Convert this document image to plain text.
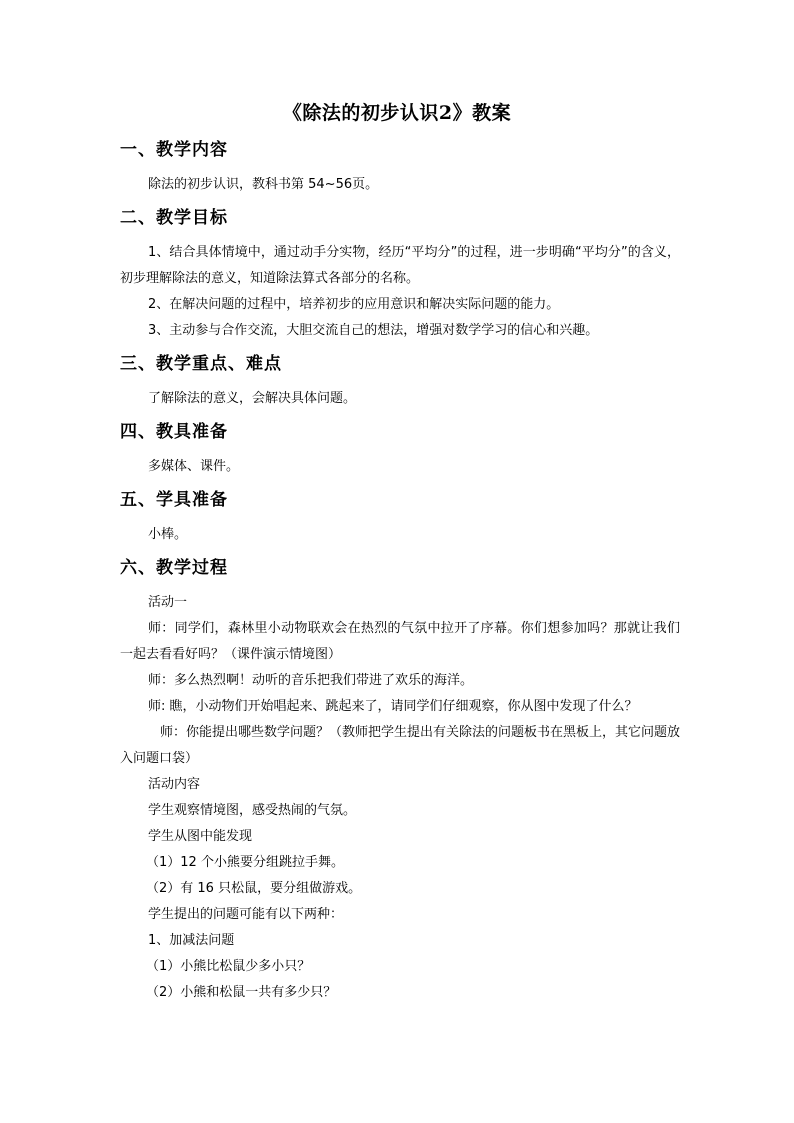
《除法的初步认识2》教案
一、教学内容

除法的初步认识，教科书第 54~56页。

二、教学目标

1、结合具体情境中，通过动手分实物，经历“平均分”的过程，进一步明确“平均分”的含义，初步理解除法的意义，知道除法算式各部分的名称。

2、在解决问题的过程中，培养初步的应用意识和解决实际问题的能力。

3、主动参与合作交流，大胆交流自己的想法，增强对数学学习的信心和兴趣。

三、教学重点、难点

了解除法的意义，会解决具体问题。

四、教具准备

多媒体、课件。

五、学具准备

小棒。

六、教学过程

活动一

师：同学们，森林里小动物联欢会在热烈的气氛中拉开了序幕。你们想参加吗？那就让我们一起去看看好吗？（课件演示情境图）

师：多么热烈啊！动听的音乐把我们带进了欢乐的海洋。

师: 瞧，小动物们开始唱起来、跳起来了，请同学们仔细观察，你从图中发现了什么？

师：你能提出哪些数学问题？（教师把学生提出有关除法的问题板书在黑板上，其它问题放入问题口袋）

活动内容

学生观察情境图，感受热闹的气氛。

学生从图中能发现

（1）12 个小熊要分组跳拉手舞。

（2）有 16 只松鼠，要分组做游戏。

学生提出的问题可能有以下两种：

1、加减法问题

（1）小熊比松鼠少多小只？

（2）小熊和松鼠一共有多少只？
